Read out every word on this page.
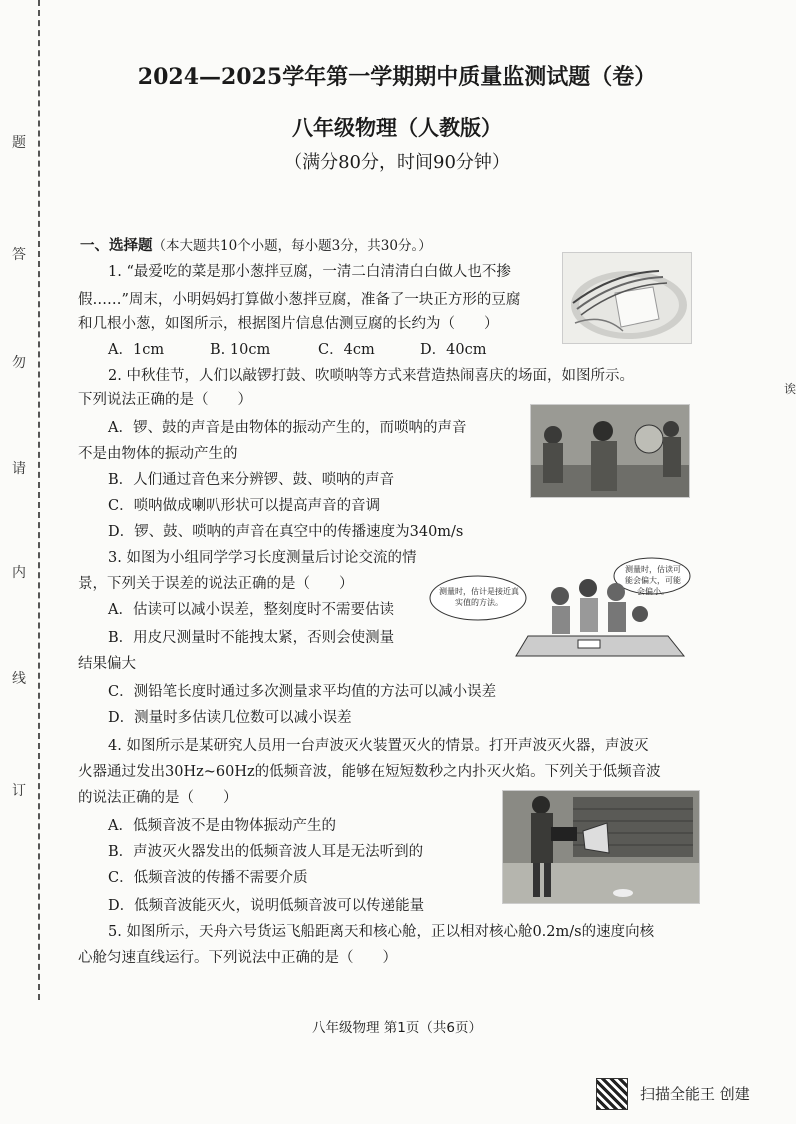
题
答
勿
请
内
线
订
2024—2025学年第一学期期中质量监测试题（卷）
八年级物理（人教版）
（满分80分，时间90分钟）
一、选择题（本大题共10个小题，每小题3分，共30分。）
1. “最爱吃的菜是那小葱拌豆腐，一清二白清清白白做人也不掺
假……”周末，小明妈妈打算做小葱拌豆腐，准备了一块正方形的豆腐
和几根小葱，如图所示，根据图片信息估测豆腐的长约为（　　）
A．1cm	B. 10cm	C．4cm	D．40cm
2. 中秋佳节，人们以敲锣打鼓、吹唢呐等方式来营造热闹喜庆的场面，如图所示。
下列说法正确的是（　　）
A．锣、鼓的声音是由物体的振动产生的，而唢呐的声音
不是由物体的振动产生的
B．人们通过音色来分辨锣、鼓、唢呐的声音
C．唢呐做成喇叭形状可以提高声音的音调
D．锣、鼓、唢呐的声音在真空中的传播速度为340m/s
3. 如图为小组同学学习长度测量后讨论交流的情
景，下列关于误差的说法正确的是（　　）
A．估读可以减小误差，整刻度时不需要估读
B．用皮尺测量时不能拽太紧，否则会使测量
结果偏大
C．测铅笔长度时通过多次测量求平均值的方法可以减小误差
D．测量时多估读几位数可以减小误差
测量时，估计是接近真实值的方法。
测量时，估读可能会偏大，可能会偏小。
4. 如图所示是某研究人员用一台声波灭火装置灭火的情景。打开声波灭火器，声波灭
火器通过发出30Hz~60Hz的低频音波，能够在短短数秒之内扑灭火焰。下列关于低频音波
的说法正确的是（　　）
A．低频音波不是由物体振动产生的
B．声波灭火器发出的低频音波人耳是无法听到的
C．低频音波的传播不需要介质
D．低频音波能灭火，说明低频音波可以传递能量
5. 如图所示，天舟六号货运飞船距离天和核心舱，正以相对核心舱0.2m/s的速度向核
心舱匀速直线运行。下列说法中正确的是（　　）
八年级物理 第1页（共6页）
扫描全能王 创建
诶
